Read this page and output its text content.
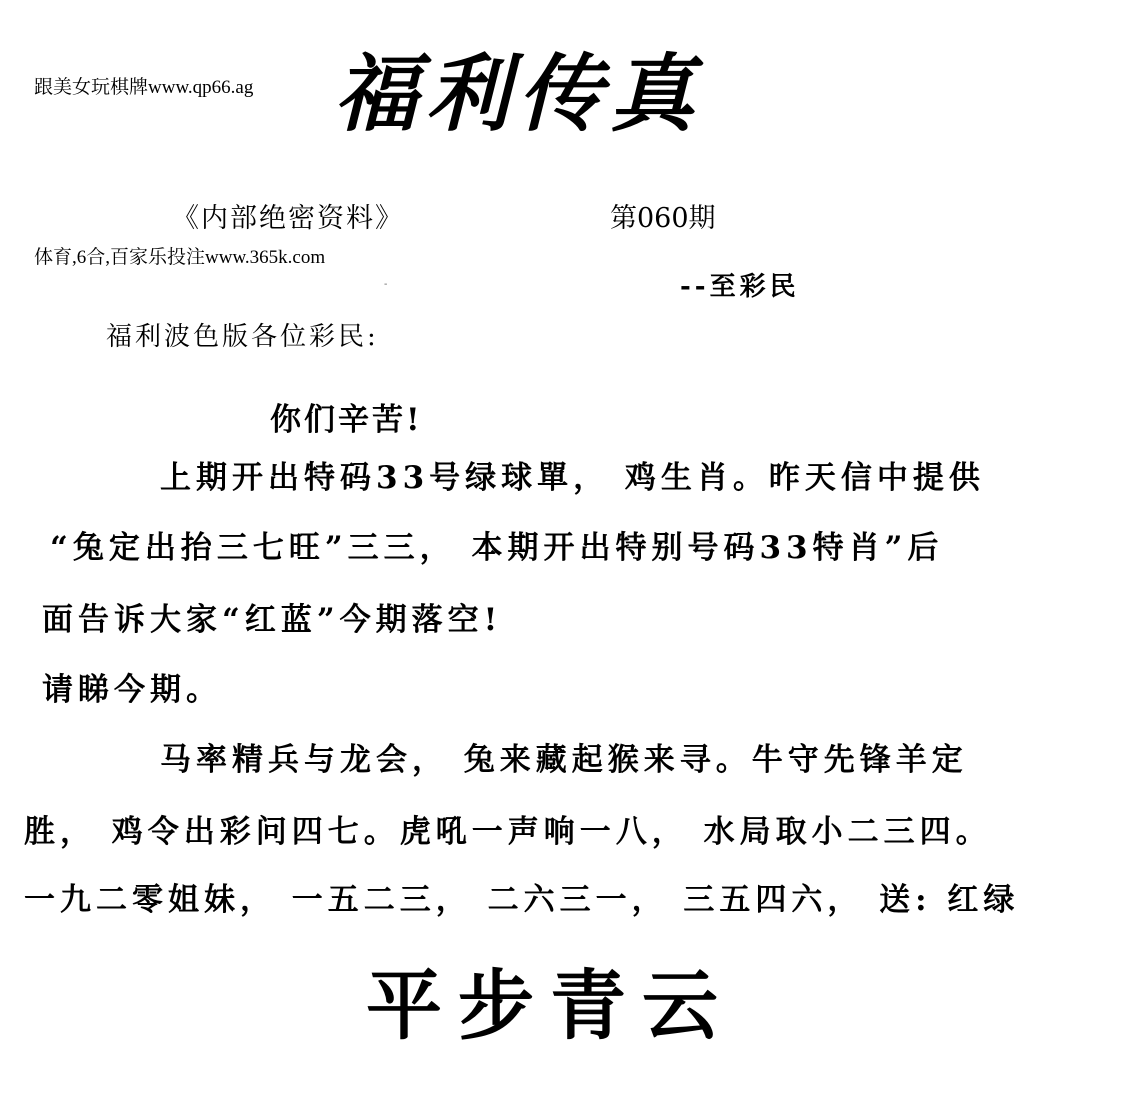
跟美女玩棋牌www.qp66.ag 福利传真
《内部绝密资料》	第060期
体育,6合,百家乐投注www.365k.com
-	--至彩民
福利波色版各位彩民:
你们辛苦!
上期开出特码33号绿球單， 鸡生肖。昨天信中提供
“兔定出抬三七旺”三三， 本期开出特别号码33特肖”后
面告诉大家“红蓝”今期落空!
请睇今期。
马率精兵与龙会， 兔来藏起猴来寻。牛守先锋羊定
胜， 鸡令出彩问四七。虎吼一声响一八， 水局取小二三四。
一九二零姐妹， 一五二三， 二六三一， 三五四六， 送: 红绿
平步青云
